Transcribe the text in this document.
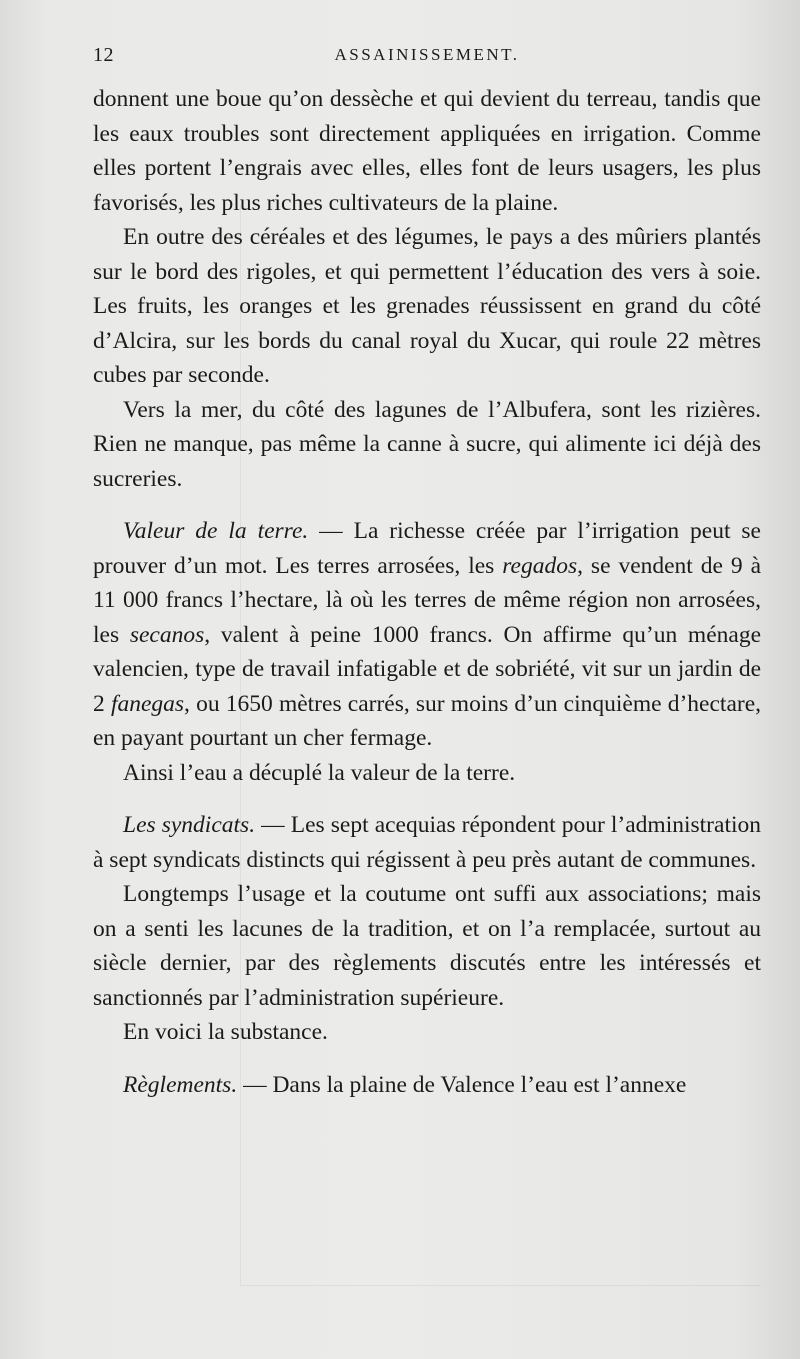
12	ASSAINISSEMENT.

donnent une boue qu’on dessèche et qui devient du terreau, tandis que les eaux troubles sont directement appliquées en irrigation. Comme elles portent l’engrais avec elles, elles font de leurs usagers, les plus favorisés, les plus riches cultivateurs de la plaine.

En outre des céréales et des légumes, le pays a des mûriers plantés sur le bord des rigoles, et qui permettent l’éducation des vers à soie. Les fruits, les oranges et les grenades réussissent en grand du côté d’Alcira, sur les bords du canal royal du Xucar, qui roule 22 mètres cubes par seconde.

Vers la mer, du côté des lagunes de l’Albufera, sont les rizières. Rien ne manque, pas même la canne à sucre, qui alimente ici déjà des sucreries.

Valeur de la terre. — La richesse créée par l’irrigation peut se prouver d’un mot. Les terres arrosées, les regados, se vendent de 9 à 11 000 francs l’hectare, là où les terres de même région non arrosées, les secanos, valent à peine 1000 francs. On affirme qu’un ménage valencien, type de travail infatigable et de sobriété, vit sur un jardin de 2 fanegas, ou 1650 mètres carrés, sur moins d’un cinquième d’hectare, en payant pourtant un cher fermage.

Ainsi l’eau a décuplé la valeur de la terre.

Les syndicats. — Les sept acequias répondent pour l’administration à sept syndicats distincts qui régissent à peu près autant de communes.

Longtemps l’usage et la coutume ont suffi aux associations; mais on a senti les lacunes de la tradition, et on l’a remplacée, surtout au siècle dernier, par des règlements discutés entre les intéressés et sanctionnés par l’administration supérieure.

En voici la substance.

Règlements. — Dans la plaine de Valence l’eau est l’annexe
